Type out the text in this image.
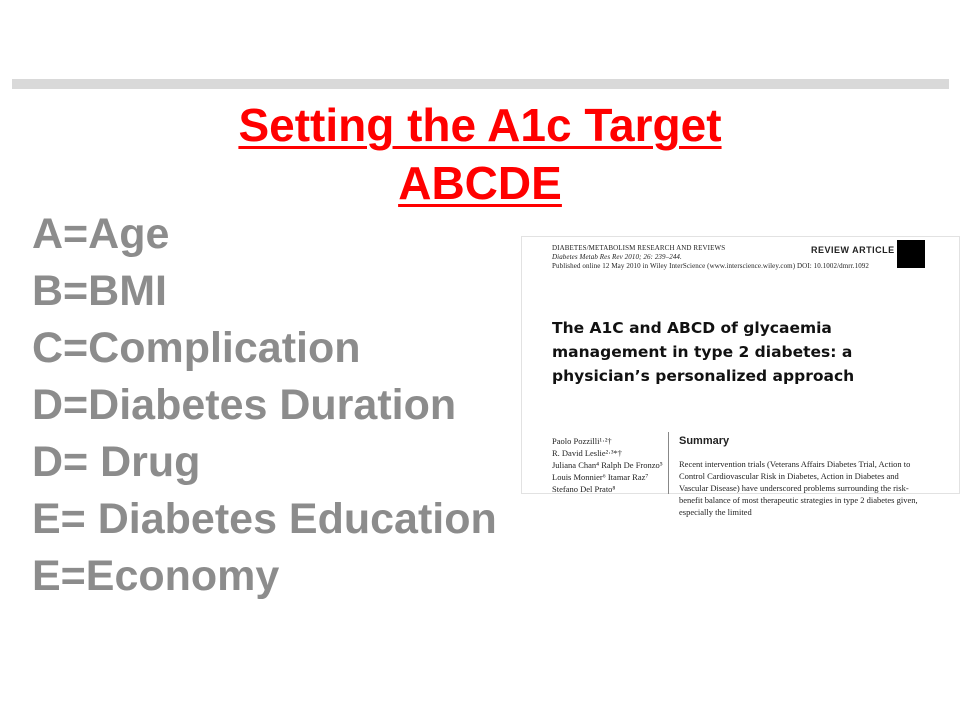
Setting the A1c Target
ABCDE
A=Age
B=BMI
C=Complication
D=Diabetes Duration
D= Drug
E= Diabetes Education
E=Economy
DIABETES/METABOLISM RESEARCH AND REVIEWS
Diabetes Metab Res Rev 2010; 26: 239–244.
Published online 12 May 2010 in Wiley InterScience (www.interscience.wiley.com) DOI: 10.1002/dmrr.1092
REVIEW ARTICLE
The A1C and ABCD of glycaemia management in type 2 diabetes: a physician’s personalized approach
Paolo Pozzilli¹·²†
R. David Leslie²·³*†
Juliana Chan⁴ Ralph De Fronzo⁵
Louis Monnier⁶ Itamar Raz⁷
Stefano Del Prato⁸
Summary
Recent intervention trials (Veterans Affairs Diabetes Trial, Action to Control Cardiovascular Risk in Diabetes, Action in Diabetes and Vascular Disease) have underscored problems surrounding the risk-benefit balance of most therapeutic strategies in type 2 diabetes given, especially the limited
